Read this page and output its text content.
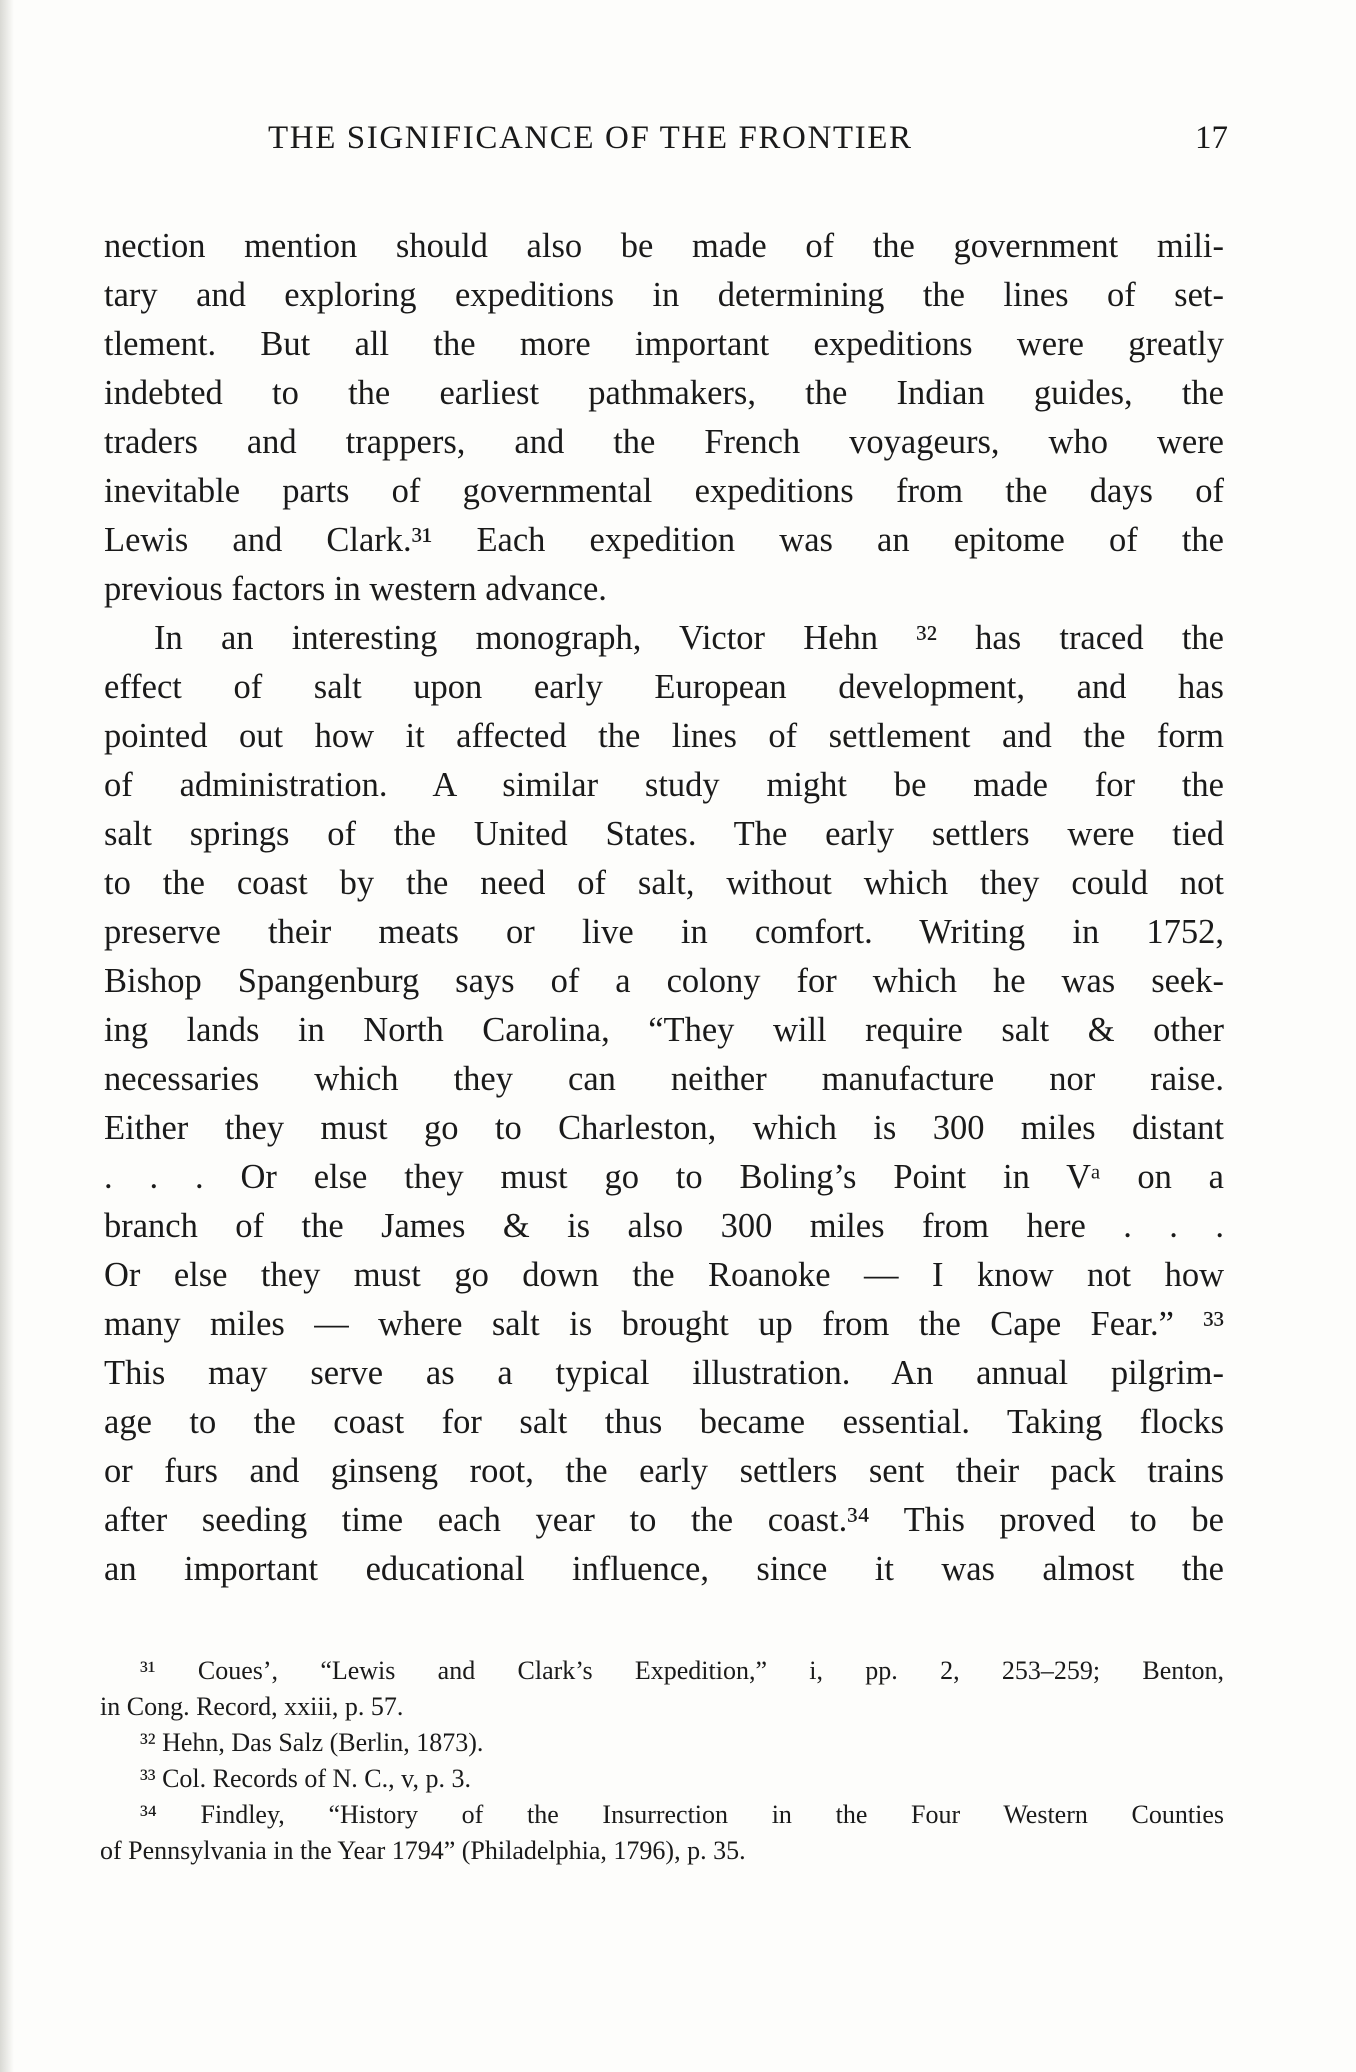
THE SIGNIFICANCE OF THE FRONTIER	17
nection mention should also be made of the government mili-
tary and exploring expeditions in determining the lines of set-
tlement. But all the more important expeditions were greatly
indebted to the earliest pathmakers, the Indian guides, the
traders and trappers, and the French voyageurs, who were
inevitable parts of governmental expeditions from the days of
Lewis and Clark.³¹ Each expedition was an epitome of the
previous factors in western advance.
In an interesting monograph, Victor Hehn ³² has traced the
effect of salt upon early European development, and has
pointed out how it affected the lines of settlement and the form
of administration. A similar study might be made for the
salt springs of the United States. The early settlers were tied
to the coast by the need of salt, without which they could not
preserve their meats or live in comfort. Writing in 1752,
Bishop Spangenburg says of a colony for which he was seek-
ing lands in North Carolina, “They will require salt & other
necessaries which they can neither manufacture nor raise.
Either they must go to Charleston, which is 300 miles distant
. . . Or else they must go to Boling’s Point in Vᵃ on a
branch of the James & is also 300 miles from here . . .
Or else they must go down the Roanoke — I know not how
many miles — where salt is brought up from the Cape Fear.” ³³
This may serve as a typical illustration. An annual pilgrim-
age to the coast for salt thus became essential. Taking flocks
or furs and ginseng root, the early settlers sent their pack trains
after seeding time each year to the coast.³⁴ This proved to be
an important educational influence, since it was almost the
³¹ Coues’, “Lewis and Clark’s Expedition,” i, pp. 2, 253–259; Benton,
in Cong. Record, xxiii, p. 57.
³² Hehn, Das Salz (Berlin, 1873).
³³ Col. Records of N. C., v, p. 3.
³⁴ Findley, “History of the Insurrection in the Four Western Counties
of Pennsylvania in the Year 1794” (Philadelphia, 1796), p. 35.
